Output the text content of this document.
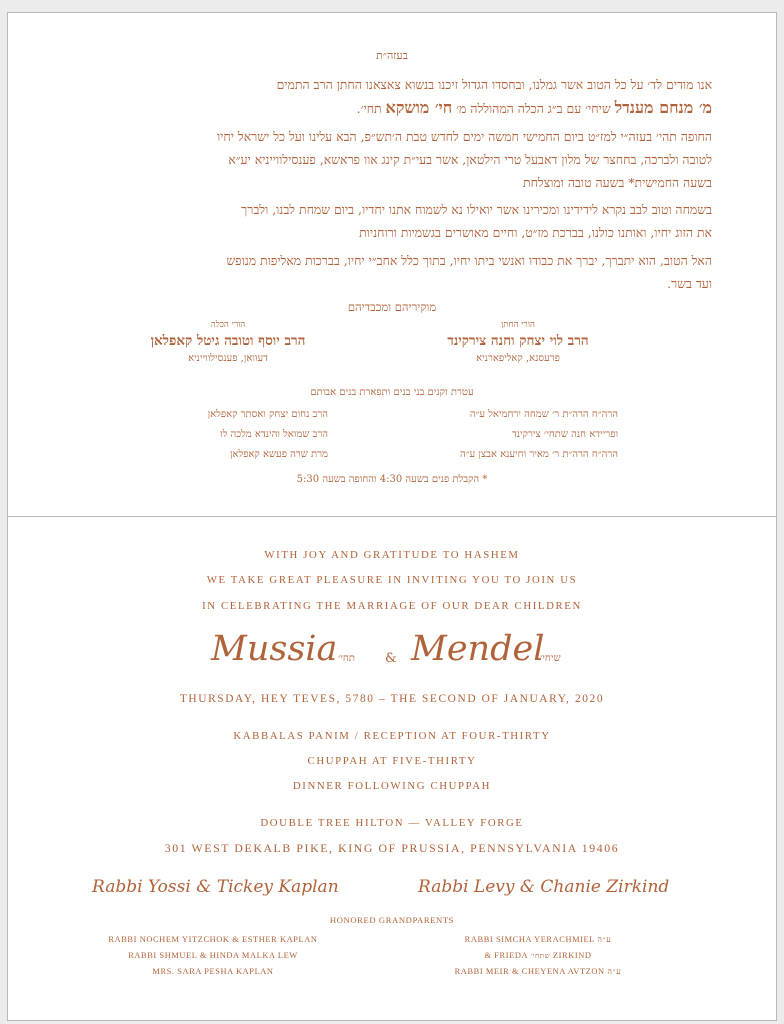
בעזה״ת
אנו מודים לד׳ על כל הטוב אשר גמלנו, ובחסדו הגדול זיכנו בנשוא צאצאנו החתן הרב התמים
מ׳ מנחם מענדל שיחי׳ עם ב״ג הכלה המהוללה מ׳ חי׳ מושקא תחי׳.
החופה תהי׳ בעזה״י למז״ט ביום החמישי חמשה ימים לחדש טבת ה׳תש״פ, הבא עלינו ועל כל ישראל יחיו
לטובה ולברכה, בחחצר של מלון דאבעל טרי הילטאן, אשר בעי״ת קינג אוו פראשא, פענסילווייניא יע״א
בשעה החמישית* בשעה טובה ומוצלחת
בשמחה וטוב לבב נקרא לידידינו ומכירינו אשר יואילו נא לשמוח אתנו יחדיו, ביום שמחת לבנו, ולברך
את הזוג יחיו, ואותנו כולנו, בברכת מז״ט, וחיים מאושרים בגשמיות ורוחניות
האל הטוב, הוא יתברך, יברך את כבודו ואנשי ביתו יחיו, בתוך כלל אחב״י יחיו, בברכות מאליפות מנופש
ועד בשר.
מוקיריהם ומכבדיהם
הורי החתן
הרב לוי יצחק וחנה צירקינד
פרעסנא, קאליפארניא
הורי הכלה
הרב יוסף וטובה גיטל קאפלאן
דעוואן, פענסילווייניא
עטרת זקנים בני בנים ותפארת בנים אבותם
הרה״ח הרה״ת ר׳ שמחה ירחמיאל ע״ה
ופריידא חנה שתחי׳ צירקינד
הרה״ח הרה״ת ר׳ מאיר וחיענא אבצן ע״ה
הרב נחום יצחק ואסתר קאפלאן
הרב שמואל והינדא מלכה לו
מרת שרה פעשא קאפלאן
* הקבלת פנים בשעה 4:30 והחופה בשעה 5:30
WITH JOY AND GRATITUDE TO HASHEM
WE TAKE GREAT PLEASURE IN INVITING YOU TO JOIN US
IN CELEBRATING THE MARRIAGE OF OUR DEAR CHILDREN
Mussia תחי׳ & Mendel
שיחי׳
THURSDAY, HEY TEVES, 5780 – THE SECOND OF JANUARY, 2020
KABBALAS PANIM / RECEPTION AT FOUR-THIRTY
CHUPPAH AT FIVE-THIRTY
DINNER FOLLOWING CHUPPAH
DOUBLE TREE HILTON — VALLEY FORGE
301 WEST DEKALB PIKE, KING OF PRUSSIA, PENNSYLVANIA 19406
Rabbi Yossi & Tickey Kaplan	Rabbi Levy & Chanie Zirkind
HONORED GRANDPARENTS
RABBI NOCHEM YITZCHOK & ESTHER KAPLAN
RABBI SHMUEL & HINDA MALKA LEW
MRS. SARA PESHA KAPLAN
RABBI SIMCHA YERACHMIEL ע״ה
& FRIEDA שתחי׳ ZIRKIND
RABBI MEIR & CHEYENA AVTZON ע״ה
